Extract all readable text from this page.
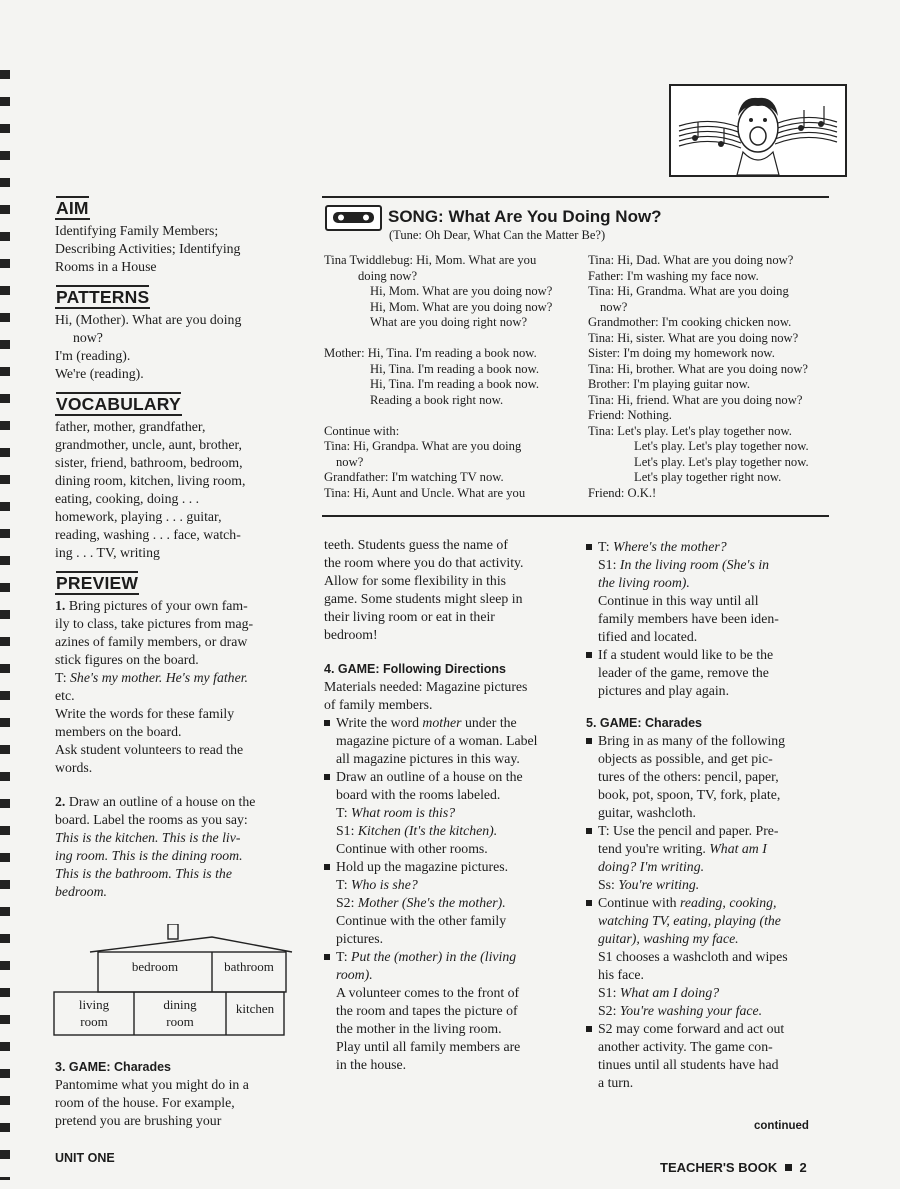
AIM
Identifying Family Members;
Describing Activities; Identifying
Rooms in a House
PATTERNS
Hi, (Mother). What are you doing
now?
I'm (reading).
We're (reading).
VOCABULARY
father, mother, grandfather,
grandmother, uncle, aunt, brother,
sister, friend, bathroom, bedroom,
dining room, kitchen, living room,
eating, cooking, doing . . .
homework, playing . . . guitar,
reading, washing . . . face, watch-
ing . . . TV, writing
PREVIEW
1. Bring pictures of your own fam-
ily to class, take pictures from mag-
azines of family members, or draw
stick figures on the board.
T: She's my mother. He's my father.
etc.
Write the words for these family
members on the board.
Ask student volunteers to read the
words.
2. Draw an outline of a house on the
board. Label the rooms as you say:
This is the kitchen. This is the liv-
ing room. This is the dining room.
This is the bathroom. This is the
bedroom.
bedroom	bathroom
living
room
dining
room
kitchen
3. GAME: Charades
Pantomime what you might do in a
room of the house. For example,
pretend you are brushing your
SONG: What Are You Doing Now?
(Tune: Oh Dear, What Can the Matter Be?)
Tina Twiddlebug: Hi, Mom. What are you
doing now?
Hi, Mom. What are you doing now?
Hi, Mom. What are you doing now?
What are you doing right now?
Mother: Hi, Tina. I'm reading a book now.
Hi, Tina. I'm reading a book now.
Hi, Tina. I'm reading a book now.
Reading a book right now.
Continue with:
Tina: Hi, Grandpa. What are you doing
now?
Grandfather: I'm watching TV now.
Tina: Hi, Aunt and Uncle. What are you
Tina: Hi, Dad. What are you doing now?
Father: I'm washing my face now.
Tina: Hi, Grandma. What are you doing
now?
Grandmother: I'm cooking chicken now.
Tina: Hi, sister. What are you doing now?
Sister: I'm doing my homework now.
Tina: Hi, brother. What are you doing now?
Brother: I'm playing guitar now.
Tina: Hi, friend. What are you doing now?
Friend: Nothing.
Tina: Let's play. Let's play together now.
Let's play. Let's play together now.
Let's play. Let's play together now.
Let's play together right now.
Friend: O.K.!
teeth. Students guess the name of
the room where you do that activity.
Allow for some flexibility in this
game. Some students might sleep in
their living room or eat in their
bedroom!
4. GAME: Following Directions
Materials needed: Magazine pictures
of family members.
Write the word mother under the
magazine picture of a woman. Label
all magazine pictures in this way.
Draw an outline of a house on the
board with the rooms labeled.
T: What room is this?
S1: Kitchen (It's the kitchen).
Continue with other rooms.
Hold up the magazine pictures.
T: Who is she?
S2: Mother (She's the mother).
Continue with the other family
pictures.
T: Put the (mother) in the (living
room).
A volunteer comes to the front of
the room and tapes the picture of
the mother in the living room.
Play until all family members are
in the house.
T: Where's the mother?
S1: In the living room (She's in
the living room).
Continue in this way until all
family members have been iden-
tified and located.
If a student would like to be the
leader of the game, remove the
pictures and play again.
5. GAME: Charades
Bring in as many of the following
objects as possible, and get pic-
tures of the others: pencil, paper,
book, pot, spoon, TV, fork, plate,
guitar, washcloth.
T: Use the pencil and paper. Pre-
tend you're writing. What am I
doing? I'm writing.
Ss: You're writing.
Continue with reading, cooking,
watching TV, eating, playing (the
guitar), washing my face.
S1 chooses a washcloth and wipes
his face.
S1: What am I doing?
S2: You're washing your face.
S2 may come forward and act out
another activity. The game con-
tinues until all students have had
a turn.
continued
UNIT ONE
TEACHER'S BOOK 2
